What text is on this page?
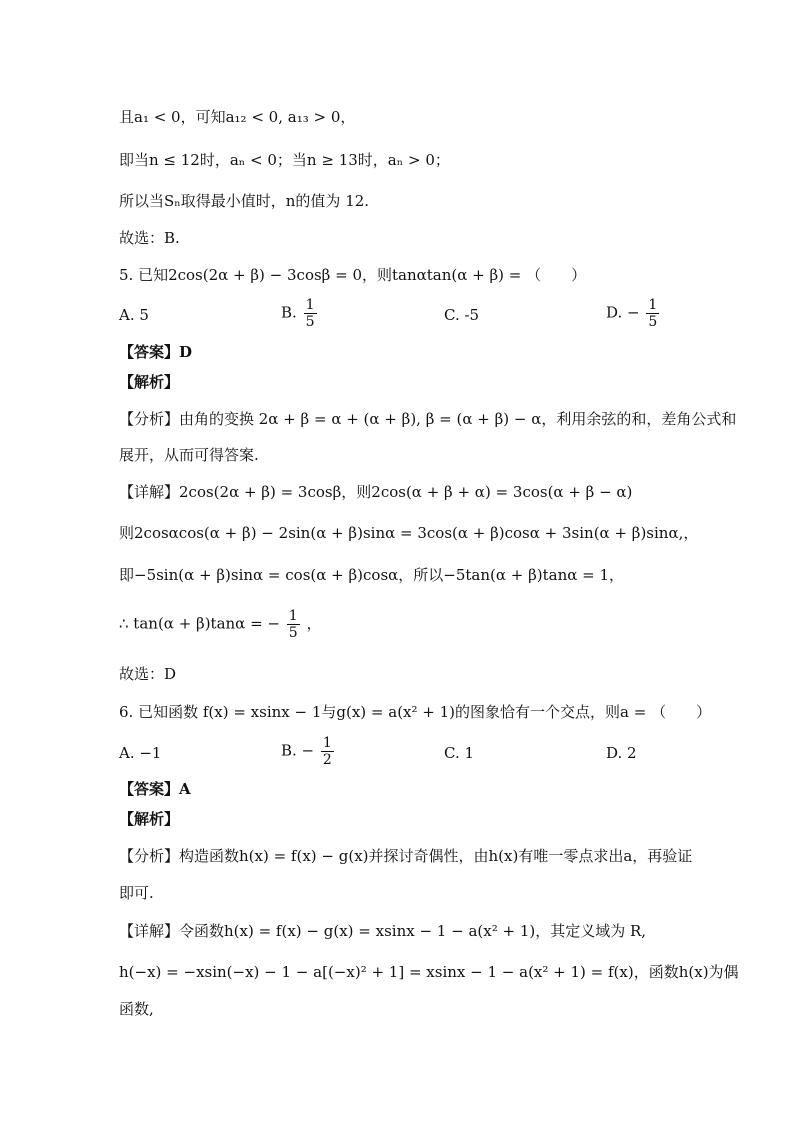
且a₁ < 0，可知a₁₂ < 0, a₁₃ > 0，
即当n ≤ 12时，aₙ < 0；当n ≥ 13时，aₙ > 0；
所以当Sₙ取得最小值时，n的值为 12.
故选：B.
5. 已知2cos(2α + β) − 3cosβ = 0，则tanαtan(α + β) = （　　）
A. 5	B. $\frac{1}{5}$	C. -5	D. − $\frac{1}{5}$
【答案】D
【解析】
【分析】由角的变换 2α + β = α + (α + β), β = (α + β) − α，利用余弦的和，差角公式和
展开，从而可得答案.
【详解】2cos(2α + β) = 3cosβ，则2cos(α + β + α) = 3cos(α + β − α)
则2cosαcos(α + β) − 2sin(α + β)sinα = 3cos(α + β)cosα + 3sin(α + β)sinα,，
即−5sin(α + β)sinα = cos(α + β)cosα，所以−5tan(α + β)tanα = 1，
∴ tan(α + β)tanα = − $\frac{1}{5}$ ，
故选：D
6. 已知函数 f(x) = xsinx − 1与g(x) = a(x² + 1)的图象恰有一个交点，则a = （　　）
A. −1	B. − $\frac{1}{2}$	C. 1	D. 2
【答案】A
【解析】
【分析】构造函数h(x) = f(x) − g(x)并探讨奇偶性，由h(x)有唯一零点求出a，再验证
即可.
【详解】令函数h(x) = f(x) − g(x) = xsinx − 1 − a(x² + 1)，其定义域为 R,
h(−x) = −xsin(−x) − 1 − a[(−x)² + 1] = xsinx − 1 − a(x² + 1) = f(x)，函数h(x)为偶
函数,
